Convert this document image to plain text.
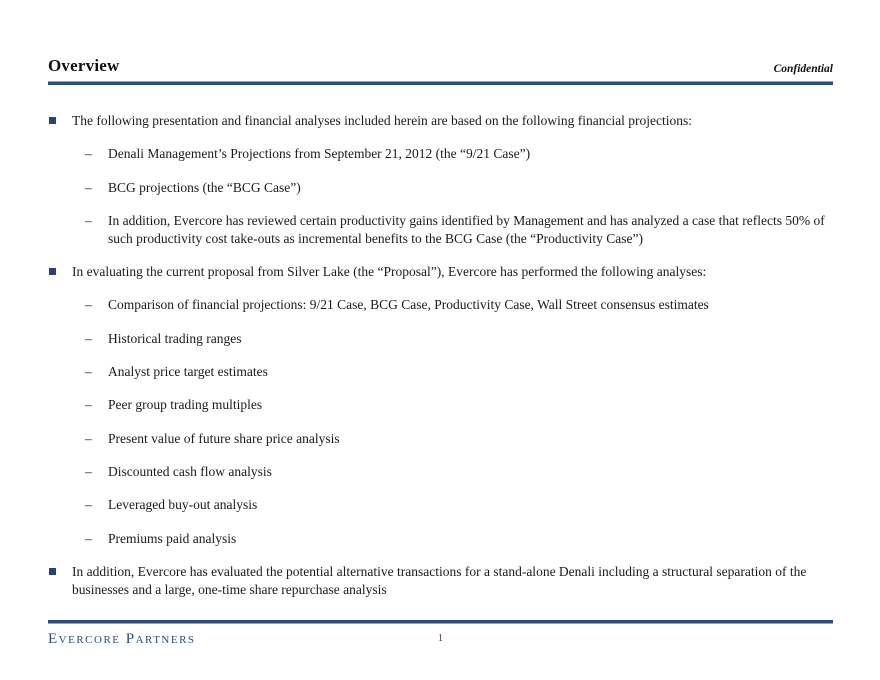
Overview	Confidential
The following presentation and financial analyses included herein are based on the following financial projections:
–	Denali Management’s Projections from September 21, 2012 (the “9/21 Case”)
–	BCG projections (the “BCG Case”)
–	In addition, Evercore has reviewed certain productivity gains identified by Management and has analyzed a case that reflects 50% of such productivity cost take-outs as incremental benefits to the BCG Case (the “Productivity Case”)
In evaluating the current proposal from Silver Lake (the “Proposal”), Evercore has performed the following analyses:
–	Comparison of financial projections: 9/21 Case, BCG Case, Productivity Case, Wall Street consensus estimates
–	Historical trading ranges
–	Analyst price target estimates
–	Peer group trading multiples
–	Present value of future share price analysis
–	Discounted cash flow analysis
–	Leveraged buy-out analysis
–	Premiums paid analysis
In addition, Evercore has evaluated the potential alternative transactions for a stand-alone Denali including a structural separation of the businesses and a large, one-time share repurchase analysis
Evercore Partners	1
